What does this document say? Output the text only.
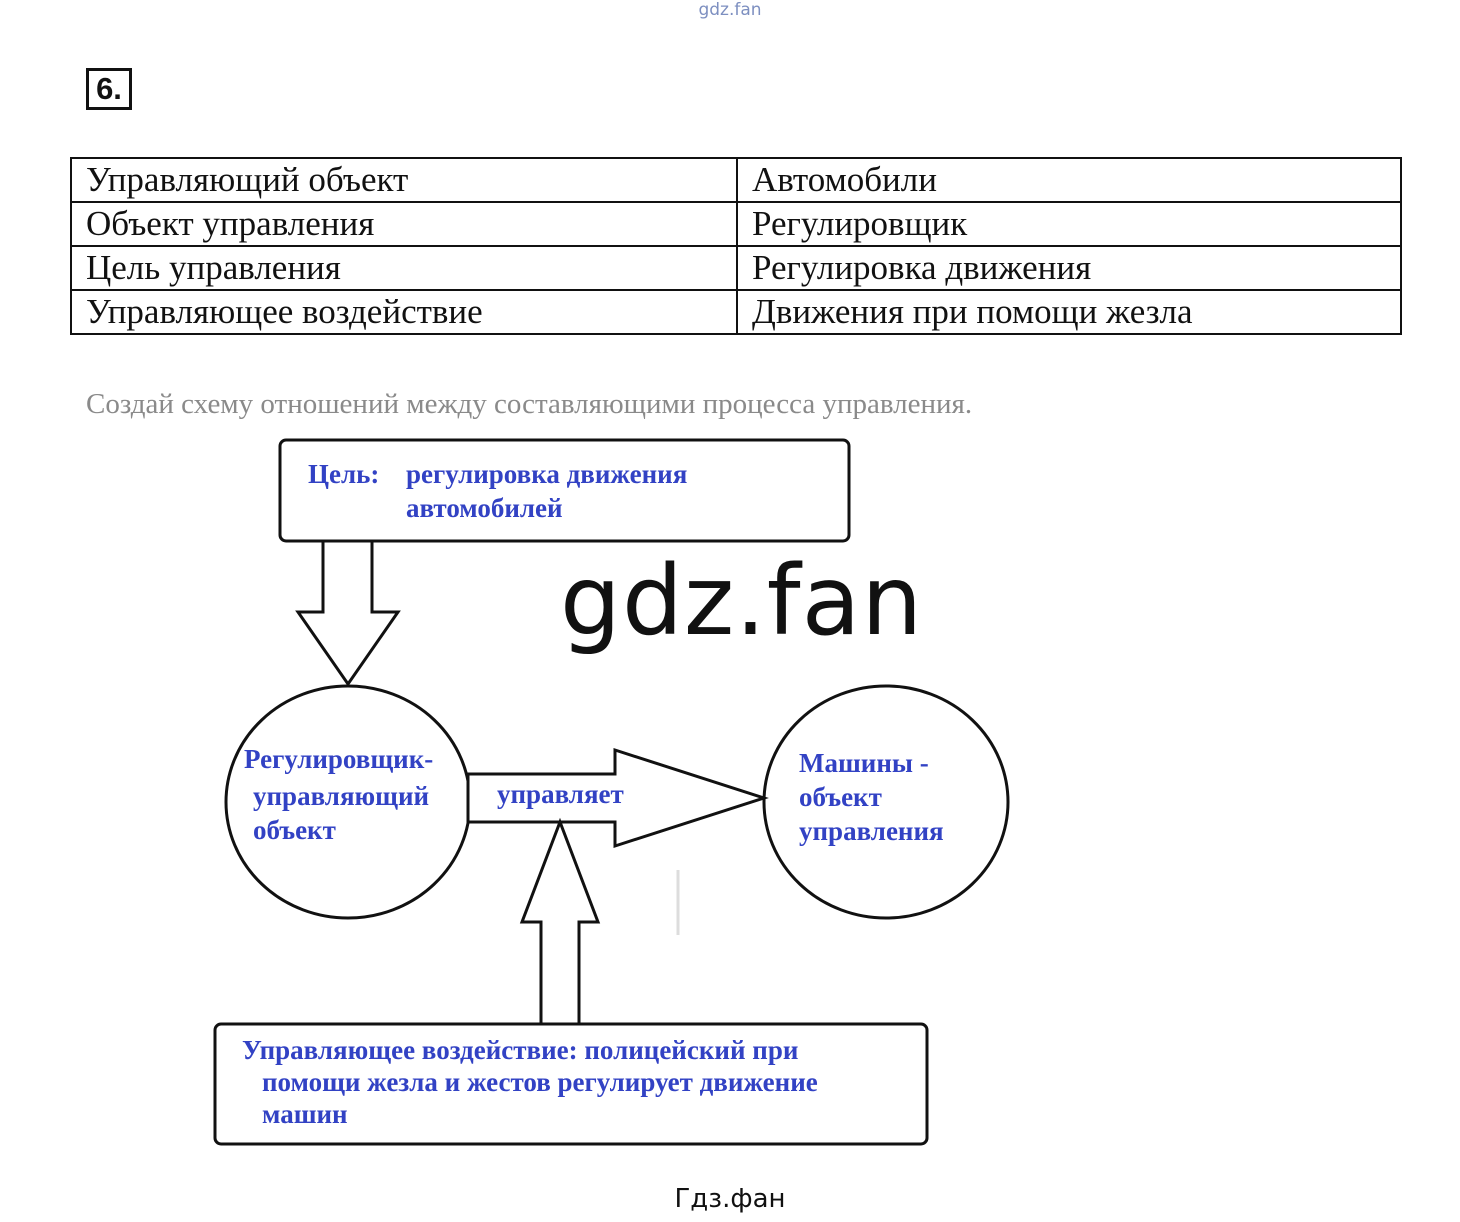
gdz.fan
6.
Управляющий объект	Автомобили
Объект управления	Регулировщик
Цель управления	Регулировка движения
Управляющее воздействие	Движения при помощи жезла
Создай схему отношений между составляющими процесса управления.
Цель: регулировка движения
автомобилей
Регулировщик-
управляющий
объект
управляет
Машины -
объект
управления
Управляющее воздействие: полицейский при
помощи жезла и жестов регулирует движение
машин
gdz.fan
Гдз.фан
